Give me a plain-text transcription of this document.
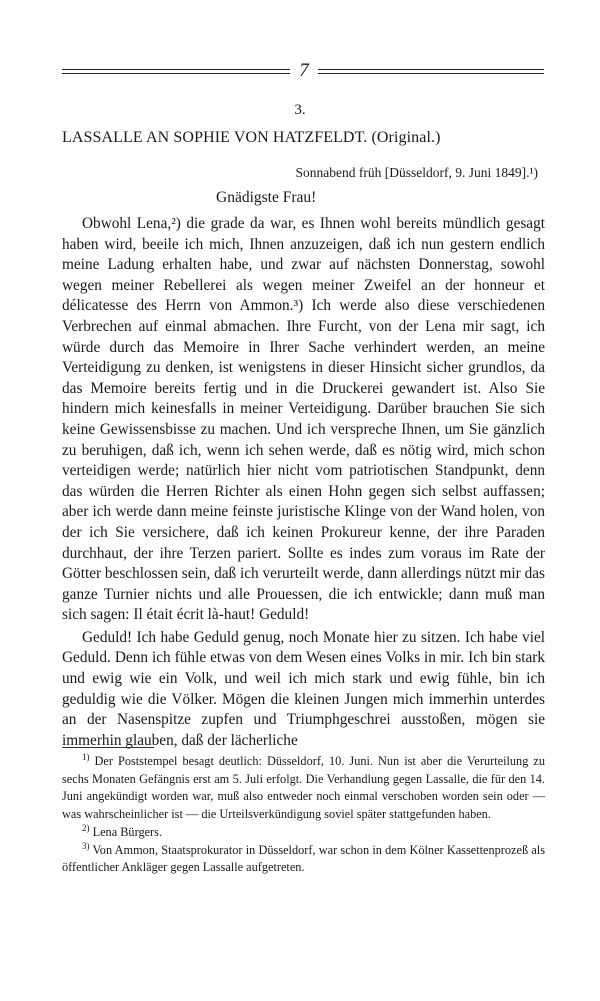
7
3.
LASSALLE AN SOPHIE VON HATZFELDT. (Original.)
Sonnabend früh [Düsseldorf, 9. Juni 1849].¹)
Gnädigste Frau!

Obwohl Lena,²) die grade da war, es Ihnen wohl bereits mündlich gesagt haben wird, beeile ich mich, Ihnen anzuzeigen, daß ich nun gestern endlich meine Ladung erhalten habe, und zwar auf nächsten Donnerstag, sowohl wegen meiner Rebellerei als wegen meiner Zweifel an der honneur et délicatesse des Herrn von Ammon.³) Ich werde also diese verschiedenen Verbrechen auf einmal abmachen. Ihre Furcht, von der Lena mir sagt, ich würde durch das Memoire in Ihrer Sache verhindert werden, an meine Verteidigung zu denken, ist wenigstens in dieser Hinsicht sicher grundlos, da das Memoire bereits fertig und in die Druckerei gewandert ist. Also Sie hindern mich keinesfalls in meiner Verteidigung. Darüber brauchen Sie sich keine Gewissensbisse zu machen. Und ich verspreche Ihnen, um Sie gänzlich zu beruhigen, daß ich, wenn ich sehen werde, daß es nötig wird, mich schon verteidigen werde; natürlich hier nicht vom patriotischen Standpunkt, denn das würden die Herren Richter als einen Hohn gegen sich selbst auffassen; aber ich werde dann meine feinste juristische Klinge von der Wand holen, von der ich Sie versichere, daß ich keinen Prokureur kenne, der ihre Paraden durchhaut, der ihre Terzen pariert. Sollte es indes zum voraus im Rate der Götter beschlossen sein, daß ich verurteilt werde, dann allerdings nützt mir das ganze Turnier nichts und alle Prouessen, die ich entwickle; dann muß man sich sagen: Il était écrit là-haut! Geduld!

Geduld! Ich habe Geduld genug, noch Monate hier zu sitzen. Ich habe viel Geduld. Denn ich fühle etwas von dem Wesen eines Volks in mir. Ich bin stark und ewig wie ein Volk, und weil ich mich stark und ewig fühle, bin ich geduldig wie die Völker. Mögen die kleinen Jungen mich immerhin unterdes an der Nasenspitze zupfen und Triumphgeschrei ausstoßen, mögen sie immerhin glauben, daß der lächerliche

$^{1)}$ Der Poststempel besagt deutlich: Düsseldorf, 10. Juni. Nun ist aber die Verurteilung zu sechs Monaten Gefängnis erst am 5. Juli erfolgt. Die Verhandlung gegen Lassalle, die für den 14. Juni angekündigt worden war, muß also entweder noch einmal verschoben worden sein oder — was wahrscheinlicher ist — die Urteilsverkündigung soviel später stattgefunden haben.

$^{2)}$ Lena Bürgers.

$^{3)}$ Von Ammon, Staatsprokurator in Düsseldorf, war schon in dem Kölner Kassettenprozeß als öffentlicher Ankläger gegen Lassalle aufgetreten.
